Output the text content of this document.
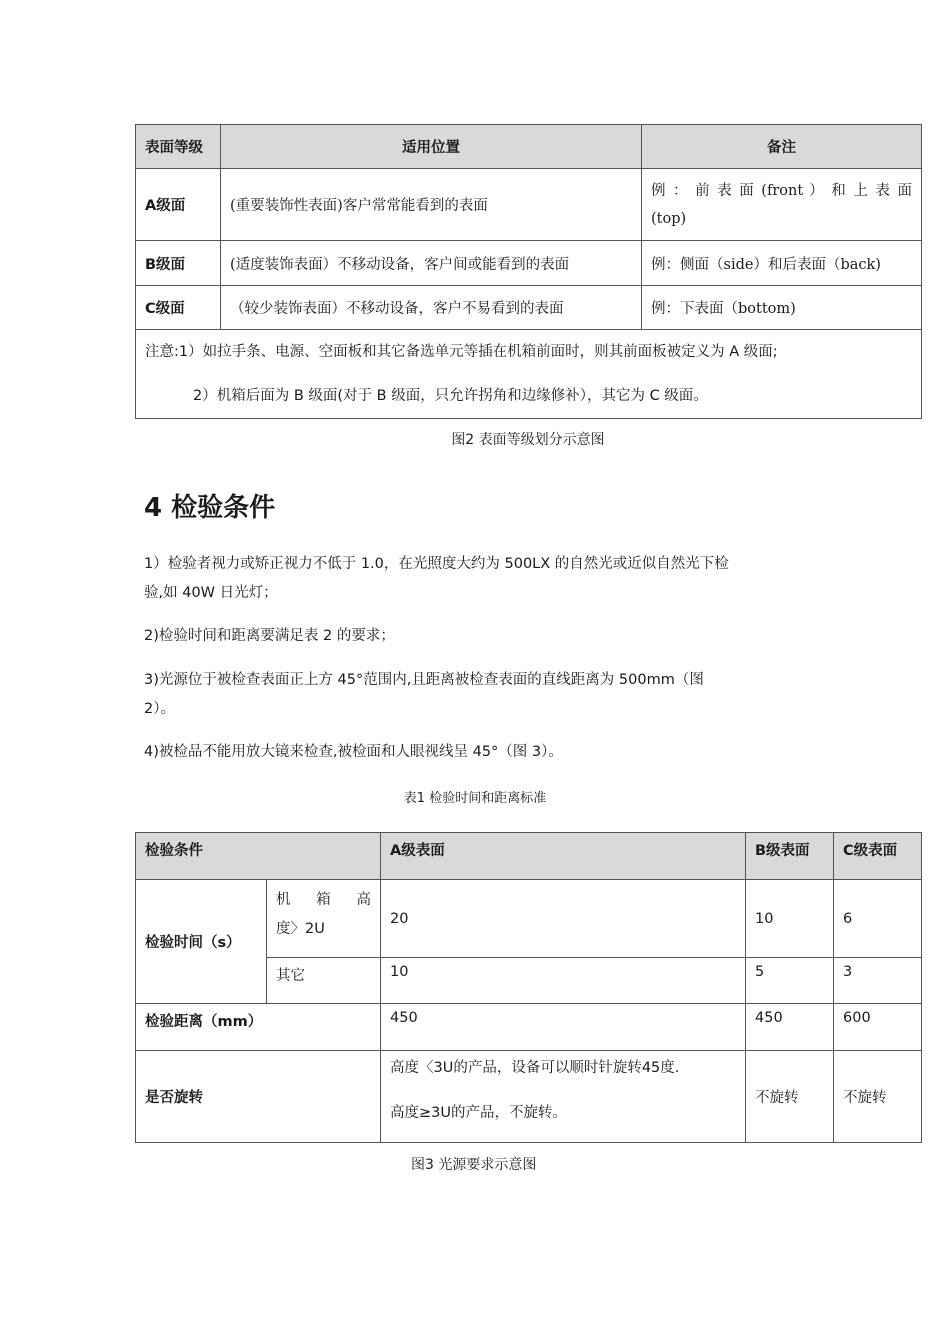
表面等级	适用位置	备注
A级面	(重要装饰性表面)客户常常能看到的表面	例 ： 前 表 面 (front ） 和 上 表 面
(top)

B级面	(适度装饰表面）不移动设备，客户间或能看到的表面	例：侧面（side）和后表面（back)
C级面	（较少装饰表面）不移动设备，客户不易看到的表面	例：下表面（bottom)

注意:1）如拉手条、电源、空面板和其它备选单元等插在机箱前面时，则其前面板被定义为 A 级面;
2）机箱后面为 B 级面(对于 B 级面，只允许拐角和边缘修补），其它为 C 级面。		
图2 表面等级划分示意图
4 检验条件
1）检验者视力或矫正视力不低于 1.0，在光照度大约为 500LX 的自然光或近似自然光下检
验,如 40W 日光灯；
2)检验时间和距离要满足表 2 的要求；
3)光源位于被检查表面正上方 45°范围内,且距离被检查表面的直线距离为 500mm（图
2）。
4)被检品不能用放大镜来检查,被检面和人眼视线呈 45°（图 3）。
表1 检验时间和距离标准
检验条件		A级表面	B级表面	C级表面
检验时间（s）	机 箱 高
度〉2U	20	10	6
	其它	10	5	3
检验距离（mm）		450	450	600
是否旋转		高度〈3U的产品，设备可以顺时针旋转45度.
高度≥3U的产品，不旋转。	不旋转	不旋转
图3 光源要求示意图
